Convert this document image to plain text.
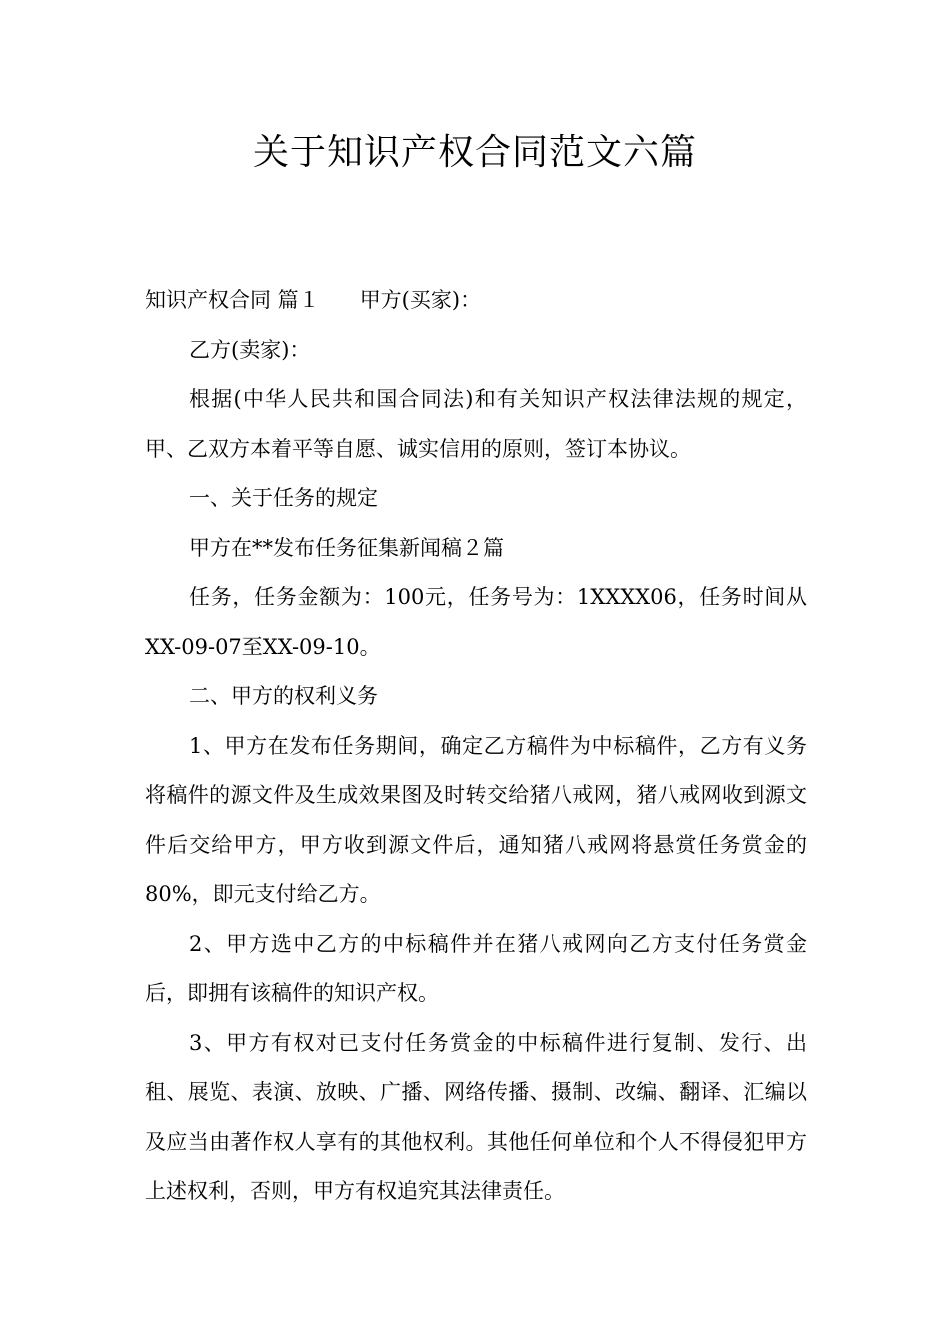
关于知识产权合同范文六篇

知识产权合同 篇１ 甲方(买家)：

乙方(卖家)：

根据(中华人民共和国合同法)和有关知识产权法律法规的规定，甲、乙双方本着平等自愿、诚实信用的原则，签订本协议。

一、关于任务的规定

甲方在**发布任务征集新闻稿２篇

任务，任务金额为：100元，任务号为：1XXXX06，任务时间从XX-09-07至XX-09-10。

二、甲方的权利义务

1、甲方在发布任务期间，确定乙方稿件为中标稿件，乙方有义务将稿件的源文件及生成效果图及时转交给猪八戒网，猪八戒网收到源文件后交给甲方，甲方收到源文件后，通知猪八戒网将悬赏任务赏金的80%，即元支付给乙方。

2、甲方选中乙方的中标稿件并在猪八戒网向乙方支付任务赏金后，即拥有该稿件的知识产权。

3、甲方有权对已支付任务赏金的中标稿件进行复制、发行、出租、展览、表演、放映、广播、网络传播、摄制、改编、翻译、汇编以及应当由著作权人享有的其他权利。其他任何单位和个人不得侵犯甲方上述权利，否则，甲方有权追究其法律责任。
